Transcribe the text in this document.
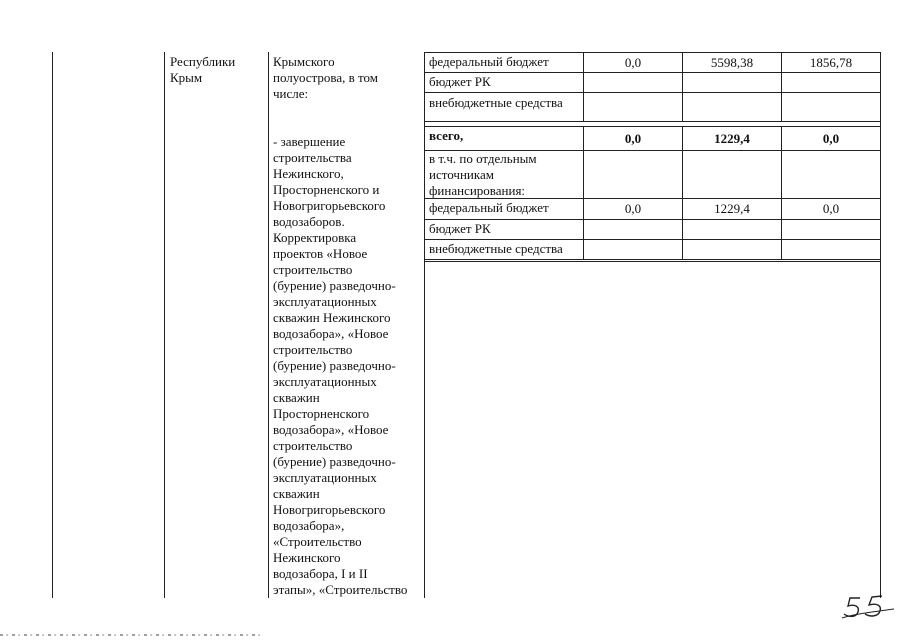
Республики
Крым
Крымского
полуострова, в том
числе:
- завершение
строительства
Нежинского,
Просторненского и
Новогригорьевского
водозаборов.
Корректировка
проектов «Новое
строительство
(бурение) разведочно-
эксплуатационных
скважин Нежинского
водозабора», «Новое
строительство
(бурение) разведочно-
эксплуатационных
скважин
Просторненского
водозабора», «Новое
строительство
(бурение) разведочно-
эксплуатационных
скважин
Новогригорьевского
водозабора»,
«Строительство
Нежинского
водозабора, I и II
этапы», «Строительство
федеральный бюджет	0,0	5598,38	1856,78
бюджет РК
внебюджетные средства
всего,	0,0	1229,4	0,0
в т.ч. по отдельным
источникам
финансирования:
федеральный бюджет	0,0	1229,4	0,0
бюджет РК
внебюджетные средства
